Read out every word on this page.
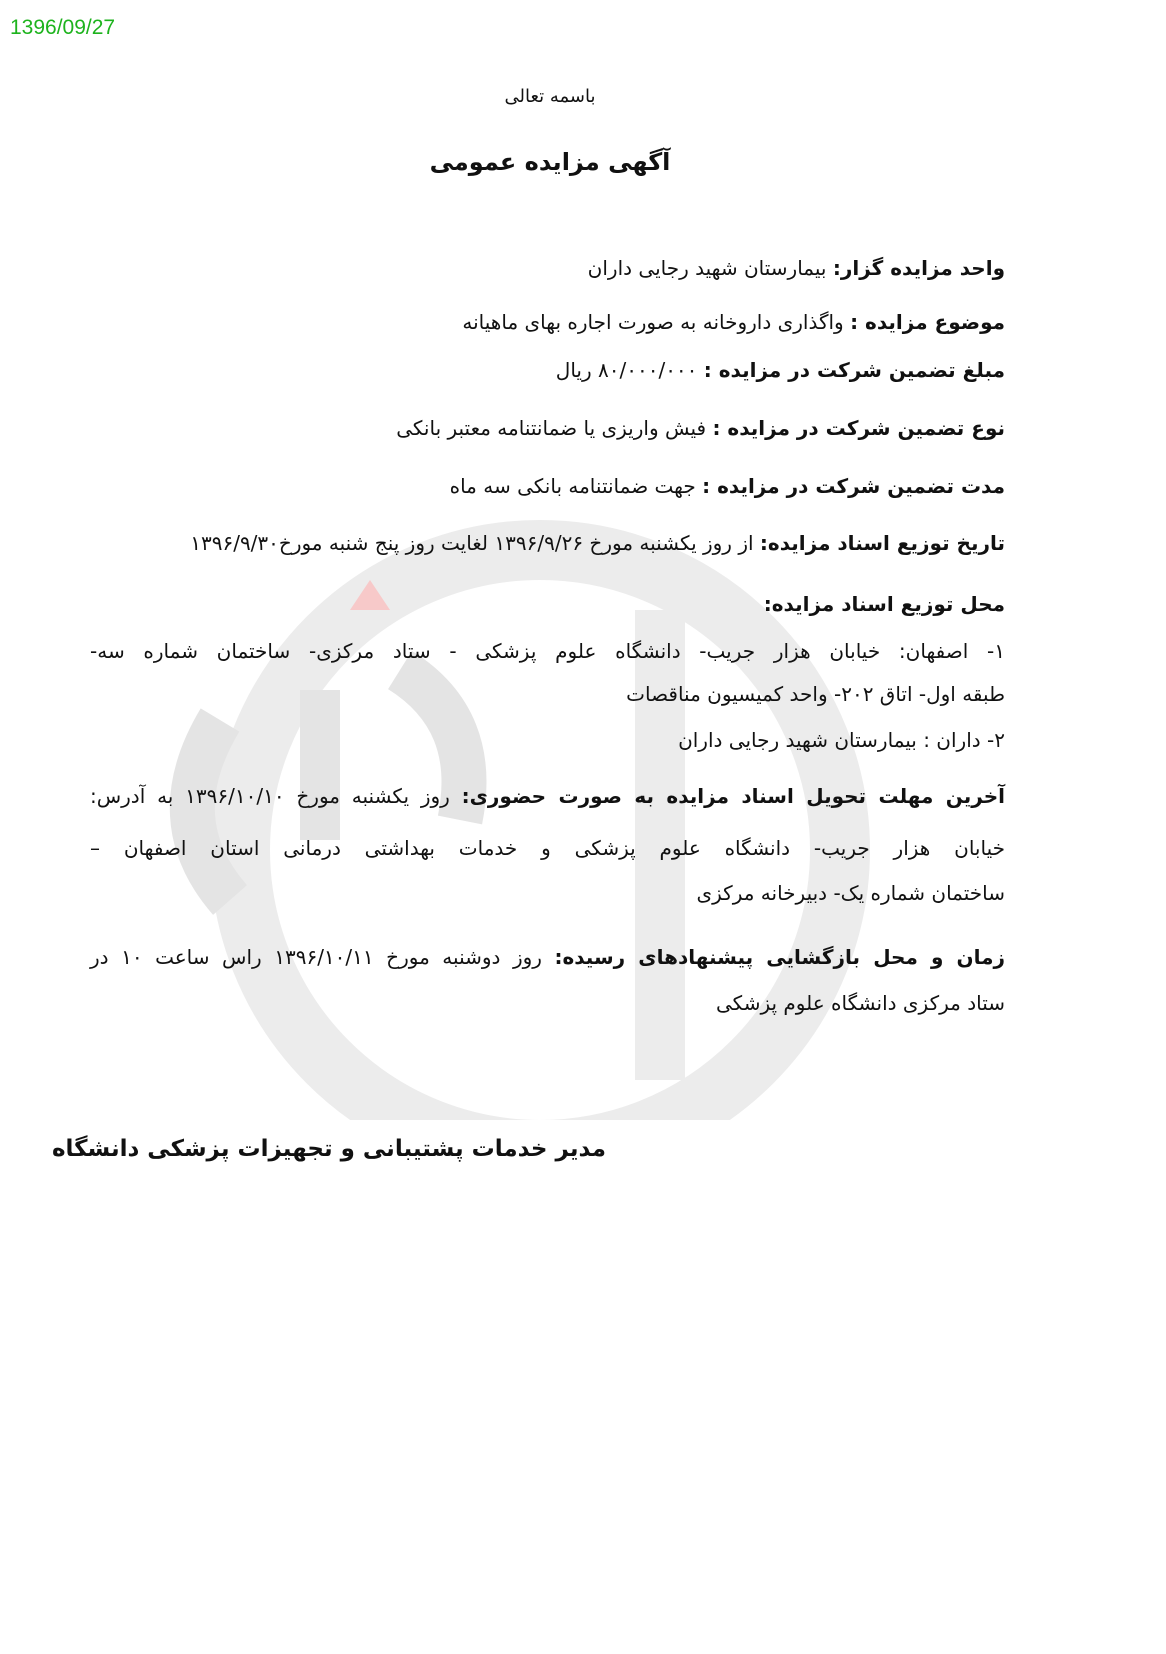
1396/09/27
باسمه تعالی
آگهی مزایده عمومی
واحد مزایده گزار: بیمارستان شهید رجایی داران
موضوع مزایده : واگذاری داروخانه به صورت اجاره بهای ماهیانه
مبلغ تضمین شرکت در مزایده : ۸۰/۰۰۰/۰۰۰ ریال
نوع تضمین شرکت در مزایده : فیش واریزی یا ضمانتنامه معتبر بانکی
مدت تضمین شرکت در مزایده : جهت ضمانتنامه بانکی سه ماه
تاریخ توزیع اسناد مزایده: از روز یکشنبه مورخ ۱۳۹۶/۹/۲۶ لغایت روز پنج شنبه مورخ۱۳۹۶/۹/۳۰
محل توزیع اسناد مزایده:
۱- اصفهان: خیابان هزار جریب- دانشگاه علوم پزشکی - ستاد مرکزی- ساختمان شماره سه-
طبقه اول- اتاق ۲۰۲- واحد کمیسیون مناقصات
۲- داران : بیمارستان شهید رجایی داران
آخرین مهلت تحویل اسناد مزایده به صورت حضوری: روز یکشنبه مورخ ۱۳۹۶/۱۰/۱۰ به آدرس:
خیابان هزار جریب- دانشگاه علوم پزشکی و خدمات بهداشتی درمانی استان اصفهان –
ساختمان شماره یک- دبیرخانه مرکزی
زمان و محل بازگشایی پیشنهادهای رسیده: روز دوشنبه مورخ ۱۳۹۶/۱۰/۱۱ راس ساعت ۱۰ در
ستاد مرکزی دانشگاه علوم پزشکی
مدیر خدمات پشتیبانی و تجهیزات پزشکی دانشگاه
